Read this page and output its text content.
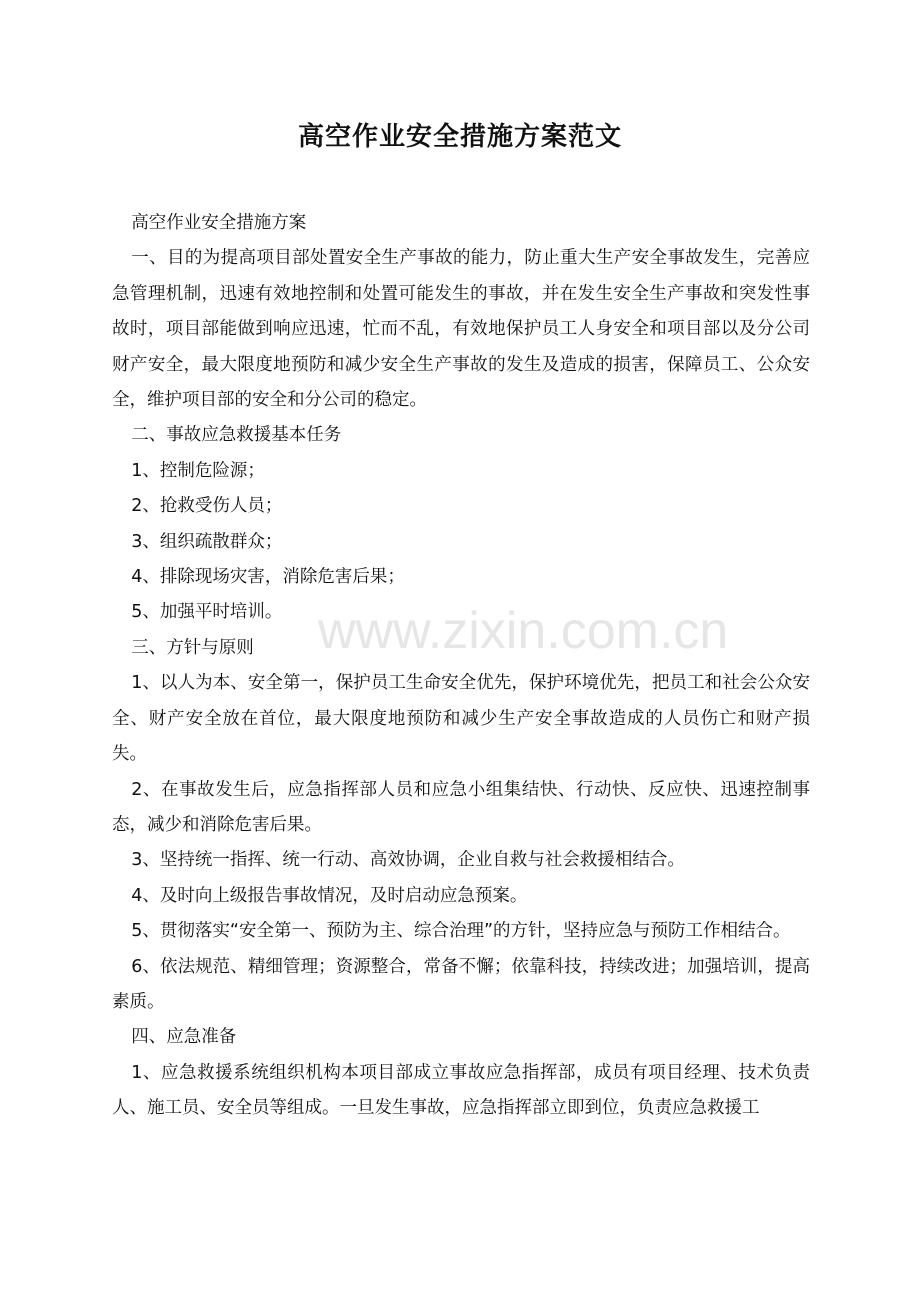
高空作业安全措施方案范文

高空作业安全措施方案

一、目的为提高项目部处置安全生产事故的能力，防止重大生产安全事故发生，完善应急管理机制，迅速有效地控制和处置可能发生的事故，并在发生安全生产事故和突发性事故时，项目部能做到响应迅速，忙而不乱，有效地保护员工人身安全和项目部以及分公司财产安全，最大限度地预防和减少安全生产事故的发生及造成的损害，保障员工、公众安全，维护项目部的安全和分公司的稳定。

二、事故应急救援基本任务

1、控制危险源；

2、抢救受伤人员；

3、组织疏散群众；

4、排除现场灾害，消除危害后果；

5、加强平时培训。

三、方针与原则

1、以人为本、安全第一，保护员工生命安全优先，保护环境优先，把员工和社会公众安全、财产安全放在首位，最大限度地预防和减少生产安全事故造成的人员伤亡和财产损失。

2、在事故发生后，应急指挥部人员和应急小组集结快、行动快、反应快、迅速控制事态，减少和消除危害后果。

3、坚持统一指挥、统一行动、高效协调，企业自救与社会救援相结合。

4、及时向上级报告事故情况，及时启动应急预案。

5、贯彻落实“安全第一、预防为主、综合治理”的方针，坚持应急与预防工作相结合。

6、依法规范、精细管理；资源整合，常备不懈；依靠科技，持续改进；加强培训，提高素质。

四、应急准备

1、应急救援系统组织机构本项目部成立事故应急指挥部，成员有项目经理、技术负责人、施工员、安全员等组成。一旦发生事故，应急指挥部立即到位，负责应急救援工

www.zixin.com.cn
